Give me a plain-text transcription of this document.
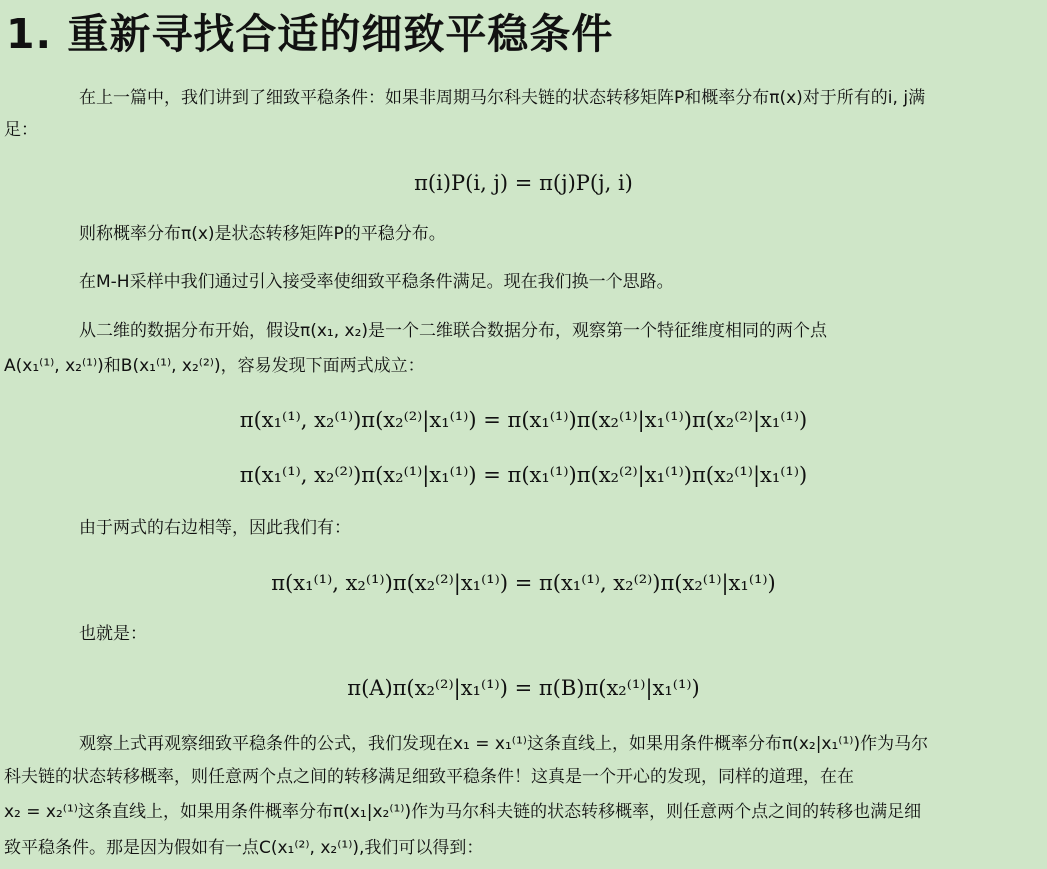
1. 重新寻找合适的细致平稳条件

在上一篇中，我们讲到了细致平稳条件：如果非周期马尔科夫链的状态转移矩阵P和概率分布π(x)对于所有的i, j满

足：

π(i)P(i, j) = π(j)P(j, i)

则称概率分布π(x)是状态转移矩阵P的平稳分布。

在M-H采样中我们通过引入接受率使细致平稳条件满足。现在我们换一个思路。

从二维的数据分布开始，假设π(x₁, x₂)是一个二维联合数据分布，观察第一个特征维度相同的两个点

A(x₁⁽¹⁾, x₂⁽¹⁾)和B(x₁⁽¹⁾, x₂⁽²⁾)，容易发现下面两式成立：

π(x₁⁽¹⁾, x₂⁽¹⁾)π(x₂⁽²⁾|x₁⁽¹⁾) = π(x₁⁽¹⁾)π(x₂⁽¹⁾|x₁⁽¹⁾)π(x₂⁽²⁾|x₁⁽¹⁾)
π(x₁⁽¹⁾, x₂⁽²⁾)π(x₂⁽¹⁾|x₁⁽¹⁾) = π(x₁⁽¹⁾)π(x₂⁽²⁾|x₁⁽¹⁾)π(x₂⁽¹⁾|x₁⁽¹⁾)

由于两式的右边相等，因此我们有：

π(x₁⁽¹⁾, x₂⁽¹⁾)π(x₂⁽²⁾|x₁⁽¹⁾) = π(x₁⁽¹⁾, x₂⁽²⁾)π(x₂⁽¹⁾|x₁⁽¹⁾)

也就是：

π(A)π(x₂⁽²⁾|x₁⁽¹⁾) = π(B)π(x₂⁽¹⁾|x₁⁽¹⁾)

观察上式再观察细致平稳条件的公式，我们发现在x₁ = x₁⁽¹⁾这条直线上，如果用条件概率分布π(x₂|x₁⁽¹⁾)作为马尔

科夫链的状态转移概率，则任意两个点之间的转移满足细致平稳条件！这真是一个开心的发现，同样的道理，在在

x₂ = x₂⁽¹⁾这条直线上，如果用条件概率分布π(x₁|x₂⁽¹⁾)作为马尔科夫链的状态转移概率，则任意两个点之间的转移也满足细

致平稳条件。那是因为假如有一点C(x₁⁽²⁾, x₂⁽¹⁾),我们可以得到：
